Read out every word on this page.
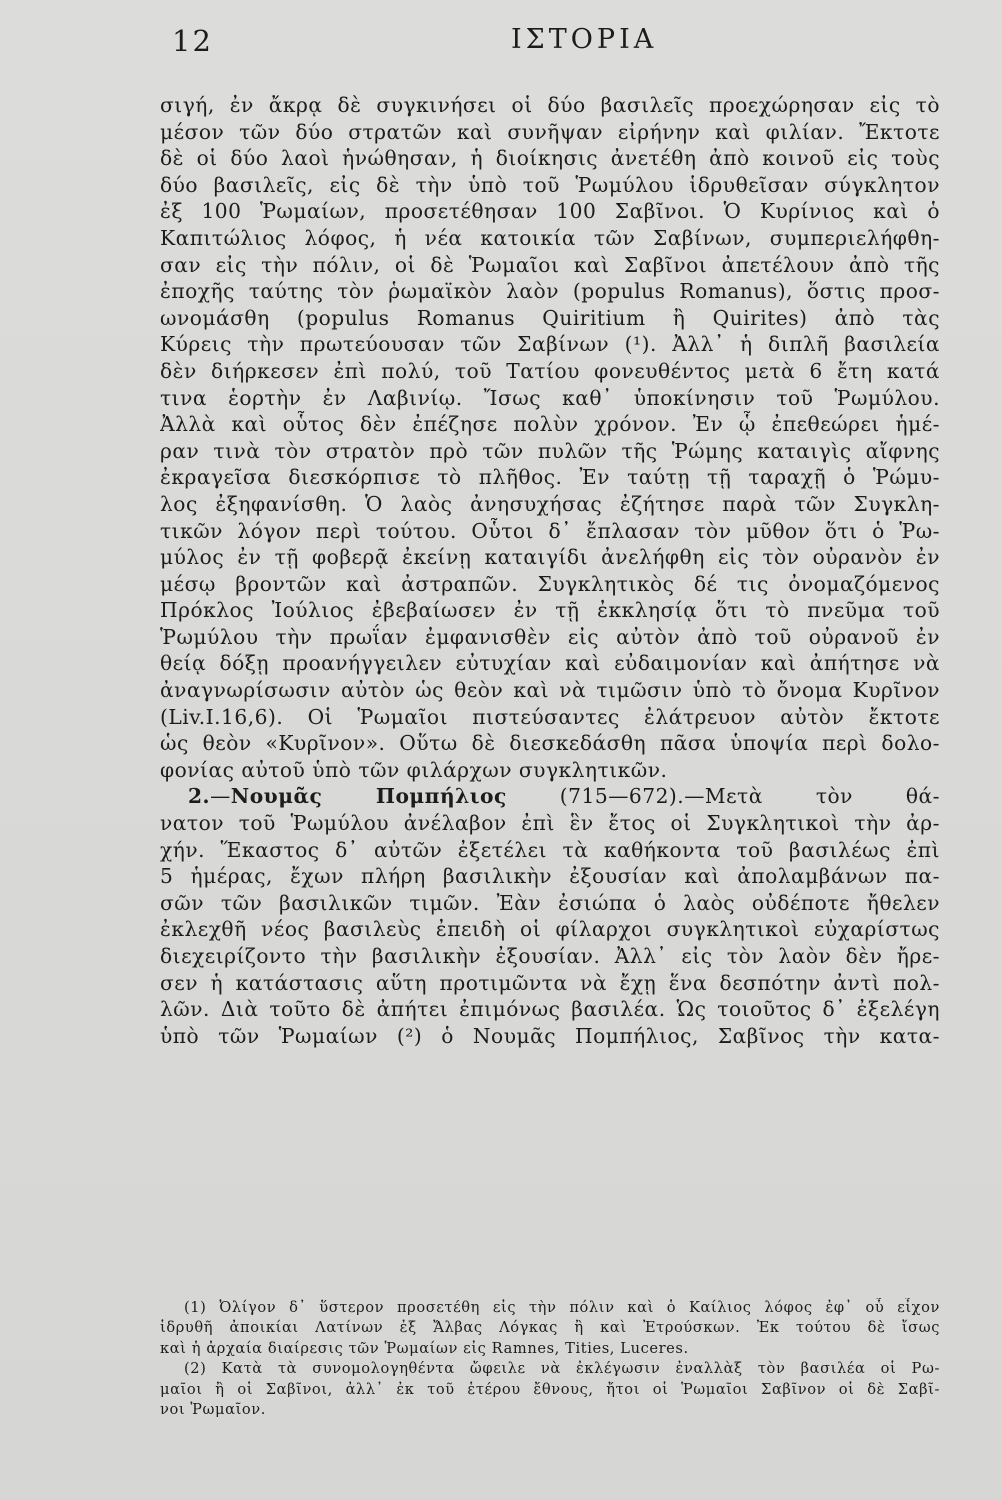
12	ΙΣΤΟΡΙΑ
σιγή, ἐν ἄκρᾳ δὲ συγκινήσει οἱ δύο βασιλεῖς προεχώρησαν εἰς τὸ
μέσον τῶν δύο στρατῶν καὶ συνῆψαν εἰρήνην καὶ φιλίαν. Ἔκτοτε
δὲ οἱ δύο λαοὶ ἡνώθησαν, ἡ διοίκησις ἀνετέθη ἀπὸ κοινοῦ εἰς τοὺς
δύο βασιλεῖς, εἰς δὲ τὴν ὑπὸ τοῦ Ῥωμύλου ἱδρυθεῖσαν σύγκλητον
ἐξ 100 Ῥωμαίων, προσετέθησαν 100 Σαβῖνοι. Ὁ Κυρίνιος καὶ ὁ
Καπιτώλιος λόφος, ἡ νέα κατοικία τῶν Σαβίνων, συμπεριελήφθη-
σαν εἰς τὴν πόλιν, οἱ δὲ Ῥωμαῖοι καὶ Σαβῖνοι ἀπετέλουν ἀπὸ τῆς
ἐποχῆς ταύτης τὸν ῥωμαϊκὸν λαὸν (populus Romanus), ὅστις προσ-
ωνομάσθη (populus Romanus Quiritium ἢ Quirites) ἀπὸ τὰς
Κύρεις τὴν πρωτεύουσαν τῶν Σαβίνων (¹). Ἀλλ᾽ ἡ διπλῆ βασιλεία
δὲν διήρκεσεν ἐπὶ πολύ, τοῦ Τατίου φονευθέντος μετὰ 6 ἔτη κατά
τινα ἑορτὴν ἐν Λαβινίῳ. Ἴσως καθ᾽ ὑποκίνησιν τοῦ Ῥωμύλου.
Ἀλλὰ καὶ οὗτος δὲν ἐπέζησε πολὺν χρόνον. Ἐν ᾧ ἐπεθεώρει ἡμέ-
ραν τινὰ τὸν στρατὸν πρὸ τῶν πυλῶν τῆς Ῥώμης καταιγὶς αἴφνης
ἐκραγεῖσα διεσκόρπισε τὸ πλῆθος. Ἐν ταύτῃ τῇ ταραχῇ ὁ Ῥώμυ-
λος ἐξηφανίσθη. Ὁ λαὸς ἀνησυχήσας ἐζήτησε παρὰ τῶν Συγκλη-
τικῶν λόγον περὶ τούτου. Οὗτοι δ᾽ ἔπλασαν τὸν μῦθον ὅτι ὁ Ῥω-
μύλος ἐν τῇ φοβερᾷ ἐκείνῃ καταιγίδι ἀνελήφθη εἰς τὸν οὐρανὸν ἐν
μέσῳ βροντῶν καὶ ἀστραπῶν. Συγκλητικὸς δέ τις ὀνομαζόμενος
Πρόκλος Ἰούλιος ἐβεβαίωσεν ἐν τῇ ἐκκλησίᾳ ὅτι τὸ πνεῦμα τοῦ
Ῥωμύλου τὴν πρωΐαν ἐμφανισθὲν εἰς αὐτὸν ἀπὸ τοῦ οὐρανοῦ ἐν
θείᾳ δόξῃ προανήγγειλεν εὐτυχίαν καὶ εὐδαιμονίαν καὶ ἀπήτησε νὰ
ἀναγνωρίσωσιν αὐτὸν ὡς θεὸν καὶ νὰ τιμῶσιν ὑπὸ τὸ ὄνομα Κυρῖνον
(Liv.I.16,6). Οἱ Ῥωμαῖοι πιστεύσαντες ἐλάτρευον αὐτὸν ἔκτοτε
ὡς θεὸν «Κυρῖνον». Οὕτω δὲ διεσκεδάσθη πᾶσα ὑποψία περὶ δολο-
φονίας αὐτοῦ ὑπὸ τῶν φιλάρχων συγκλητικῶν.
2.—Νουμᾶς Πομπήλιος (715—672).—Μετὰ τὸν θά-
νατον τοῦ Ῥωμύλου ἀνέλαβον ἐπὶ ἓν ἔτος οἱ Συγκλητικοὶ τὴν ἀρ-
χήν. Ἕκαστος δ᾽ αὐτῶν ἐξετέλει τὰ καθήκοντα τοῦ βασιλέως ἐπὶ
5 ἡμέρας, ἔχων πλήρη βασιλικὴν ἐξουσίαν καὶ ἀπολαμβάνων πα-
σῶν τῶν βασιλικῶν τιμῶν. Ἐὰν ἐσιώπα ὁ λαὸς οὐδέποτε ἤθελεν
ἐκλεχθῆ νέος βασιλεὺς ἐπειδὴ οἱ φίλαρχοι συγκλητικοὶ εὐχαρίστως
διεχειρίζοντο τὴν βασιλικὴν ἐξουσίαν. Ἀλλ᾽ εἰς τὸν λαὸν δὲν ἤρε-
σεν ἡ κατάστασις αὕτη προτιμῶντα νὰ ἔχῃ ἕνα δεσπότην ἀντὶ πολ-
λῶν. Διὰ τοῦτο δὲ ἀπήτει ἐπιμόνως βασιλέα. Ὡς τοιοῦτος δ᾽ ἐξελέγη
ὑπὸ τῶν Ῥωμαίων (²) ὁ Νουμᾶς Πομπήλιος, Σαβῖνος τὴν κατα-
(1) Ὀλίγον δ᾽ ὕστερον προσετέθη εἰς τὴν πόλιν καὶ ὁ Καίλιος λόφος ἐφ᾽ οὗ εἶχον
ἱδρυθῆ ἀποικίαι Λατίνων ἐξ Ἄλβας Λόγκας ἢ καὶ Ἐτρούσκων. Ἐκ τούτου δὲ ἴσως
καὶ ἡ ἀρχαία διαίρεσις τῶν Ῥωμαίων εἰς Ramnes, Tities, Luceres.
(2) Κατὰ τὰ συνομολογηθέντα ὤφειλε νὰ ἐκλέγωσιν ἐναλλὰξ τὸν βασιλέα οἱ Ρω-
μαῖοι ἢ οἱ Σαβῖνοι, ἀλλ᾽ ἐκ τοῦ ἑτέρου ἔθνους, ἤτοι οἱ Ῥωμαῖοι Σαβῖνον οἱ δὲ Σαβῖ-
νοι Ῥωμαῖον.
